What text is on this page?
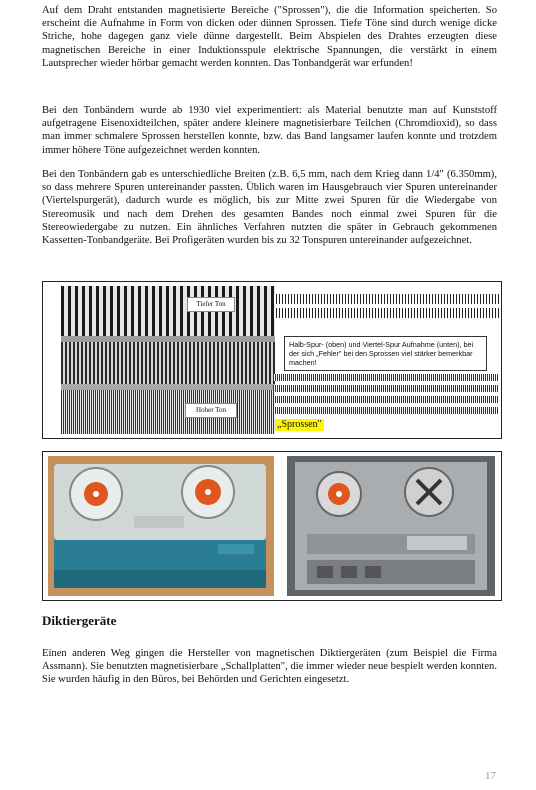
Auf dem Draht entstanden magnetisierte Bereiche ("Sprossen"), die die Information speicherten. So erscheint die Aufnahme in Form von dicken oder dünnen Sprossen. Tiefe Töne sind durch wenige dicke Striche, hohe dagegen ganz viele dünne dargestellt. Beim Abspielen des Drahtes erzeugten diese magnetischen Bereiche in einer Induktionsspule elektrische Spannungen, die verstärkt in einem Lautsprecher wieder hörbar gemacht werden konnten. Das Tonbandgerät war erfunden!

Bei den Tonbändern wurde ab 1930 viel experimentiert: als Material benutzte man auf Kunststoff aufgetragene Eisenoxidteilchen, später andere kleinere magnetisierbare Teilchen (Chromdioxid), so dass man immer schmalere Sprossen herstellen konnte, bzw. das Band langsamer laufen konnte und trotzdem immer höhere Töne aufgezeichnet werden konnten.

Bei den Tonbändern gab es unterschiedliche Breiten (z.B. 6,5 mm, nach dem Krieg dann 1/4" (6.350mm), so dass mehrere Spuren untereinander passten. Üblich waren im Hausgebrauch vier Spuren untereinander (Viertelspurgerät), dadurch wurde es möglich, bis zur Mitte zwei Spuren für die Wiedergabe von Stereomusik und nach dem Drehen des gesamten Bandes noch einmal zwei Spuren für die Stereowiedergabe zu nutzen. Ein ähnliches Verfahren nutzten die später in Gebrauch gekommenen Kassetten-Tonbandgeräte. Bei Profigeräten wurden bis zu 32 Tonspuren untereinander aufgezeichnet.

Tiefer Ton
Hoher Ton
Halb-Spur- (oben) und Viertel-Spur Aufnahme (unten), bei der sich „Fehler" bei den Sprossen viel stärker bemerkbar machen!
„Sprossen"
Diktiergeräte

Einen anderen Weg gingen die Hersteller von magnetischen Diktiergeräten (zum Beispiel die Firma Assmann). Sie benutzten magnetisierbare „Schallplatten", die immer wieder neue bespielt werden konnten. Sie wurden häufig in den Büros, bei Behörden und Gerichten eingesetzt.

17
